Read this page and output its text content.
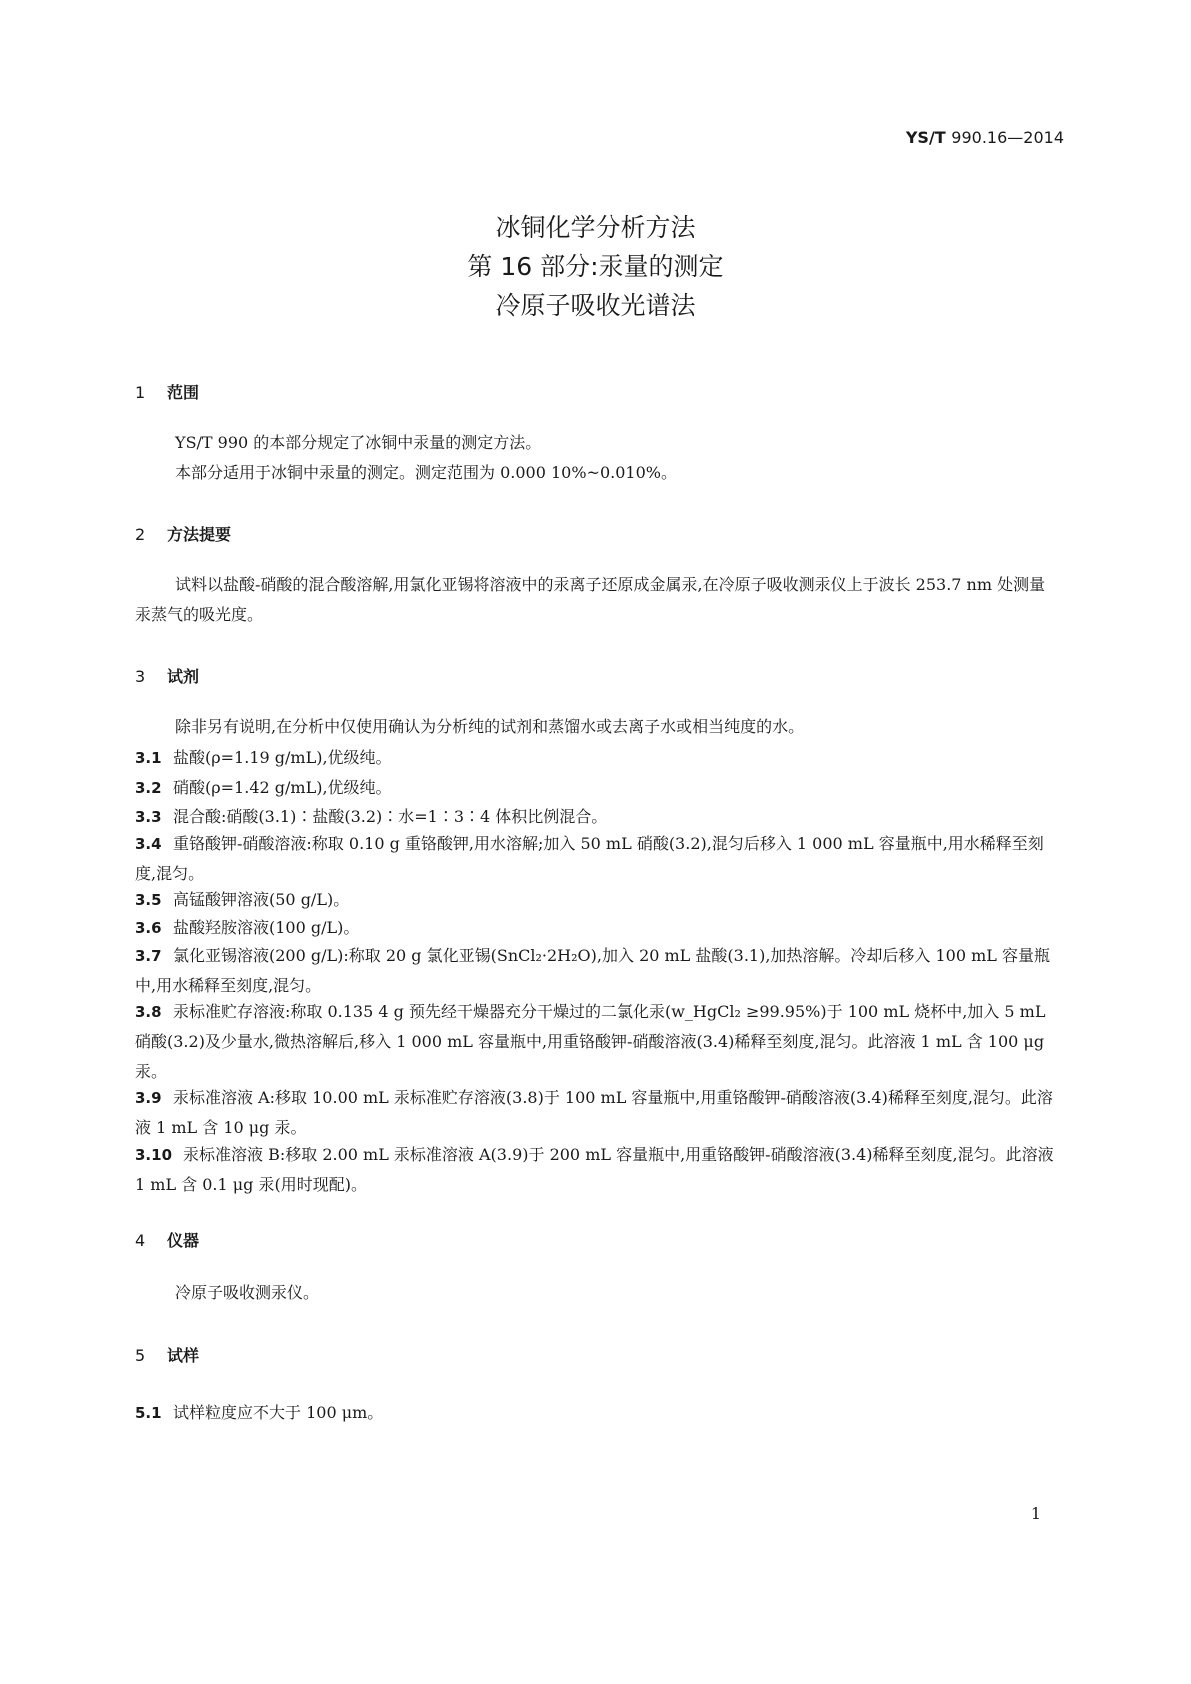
YS/T 990.16—2014
冰铜化学分析方法
第 16 部分:汞量的测定
冷原子吸收光谱法
1 范围
YS/T 990 的本部分规定了冰铜中汞量的测定方法。
本部分适用于冰铜中汞量的测定。测定范围为 0.000 10%~0.010%。
2 方法提要
试料以盐酸-硝酸的混合酸溶解,用氯化亚锡将溶液中的汞离子还原成金属汞,在冷原子吸收测汞仪上于波长 253.7 nm 处测量汞蒸气的吸光度。
3 试剂
除非另有说明,在分析中仅使用确认为分析纯的试剂和蒸馏水或去离子水或相当纯度的水。
3.1 盐酸(ρ=1.19 g/mL),优级纯。
3.2 硝酸(ρ=1.42 g/mL),优级纯。
3.3 混合酸:硝酸(3.1)∶盐酸(3.2)∶水=1∶3∶4 体积比例混合。
3.4 重铬酸钾-硝酸溶液:称取 0.10 g 重铬酸钾,用水溶解;加入 50 mL 硝酸(3.2),混匀后移入 1 000 mL 容量瓶中,用水稀释至刻度,混匀。
3.5 高锰酸钾溶液(50 g/L)。
3.6 盐酸羟胺溶液(100 g/L)。
3.7 氯化亚锡溶液(200 g/L):称取 20 g 氯化亚锡(SnCl₂·2H₂O),加入 20 mL 盐酸(3.1),加热溶解。冷却后移入 100 mL 容量瓶中,用水稀释至刻度,混匀。
3.8 汞标准贮存溶液:称取 0.135 4 g 预先经干燥器充分干燥过的二氯化汞(w_HgCl₂ ≥99.95%)于 100 mL 烧杯中,加入 5 mL 硝酸(3.2)及少量水,微热溶解后,移入 1 000 mL 容量瓶中,用重铬酸钾-硝酸溶液(3.4)稀释至刻度,混匀。此溶液 1 mL 含 100 μg 汞。
3.9 汞标准溶液 A:移取 10.00 mL 汞标准贮存溶液(3.8)于 100 mL 容量瓶中,用重铬酸钾-硝酸溶液(3.4)稀释至刻度,混匀。此溶液 1 mL 含 10 μg 汞。
3.10 汞标准溶液 B:移取 2.00 mL 汞标准溶液 A(3.9)于 200 mL 容量瓶中,用重铬酸钾-硝酸溶液(3.4)稀释至刻度,混匀。此溶液 1 mL 含 0.1 μg 汞(用时现配)。
4 仪器
冷原子吸收测汞仪。
5 试样
5.1 试样粒度应不大于 100 μm。
1
